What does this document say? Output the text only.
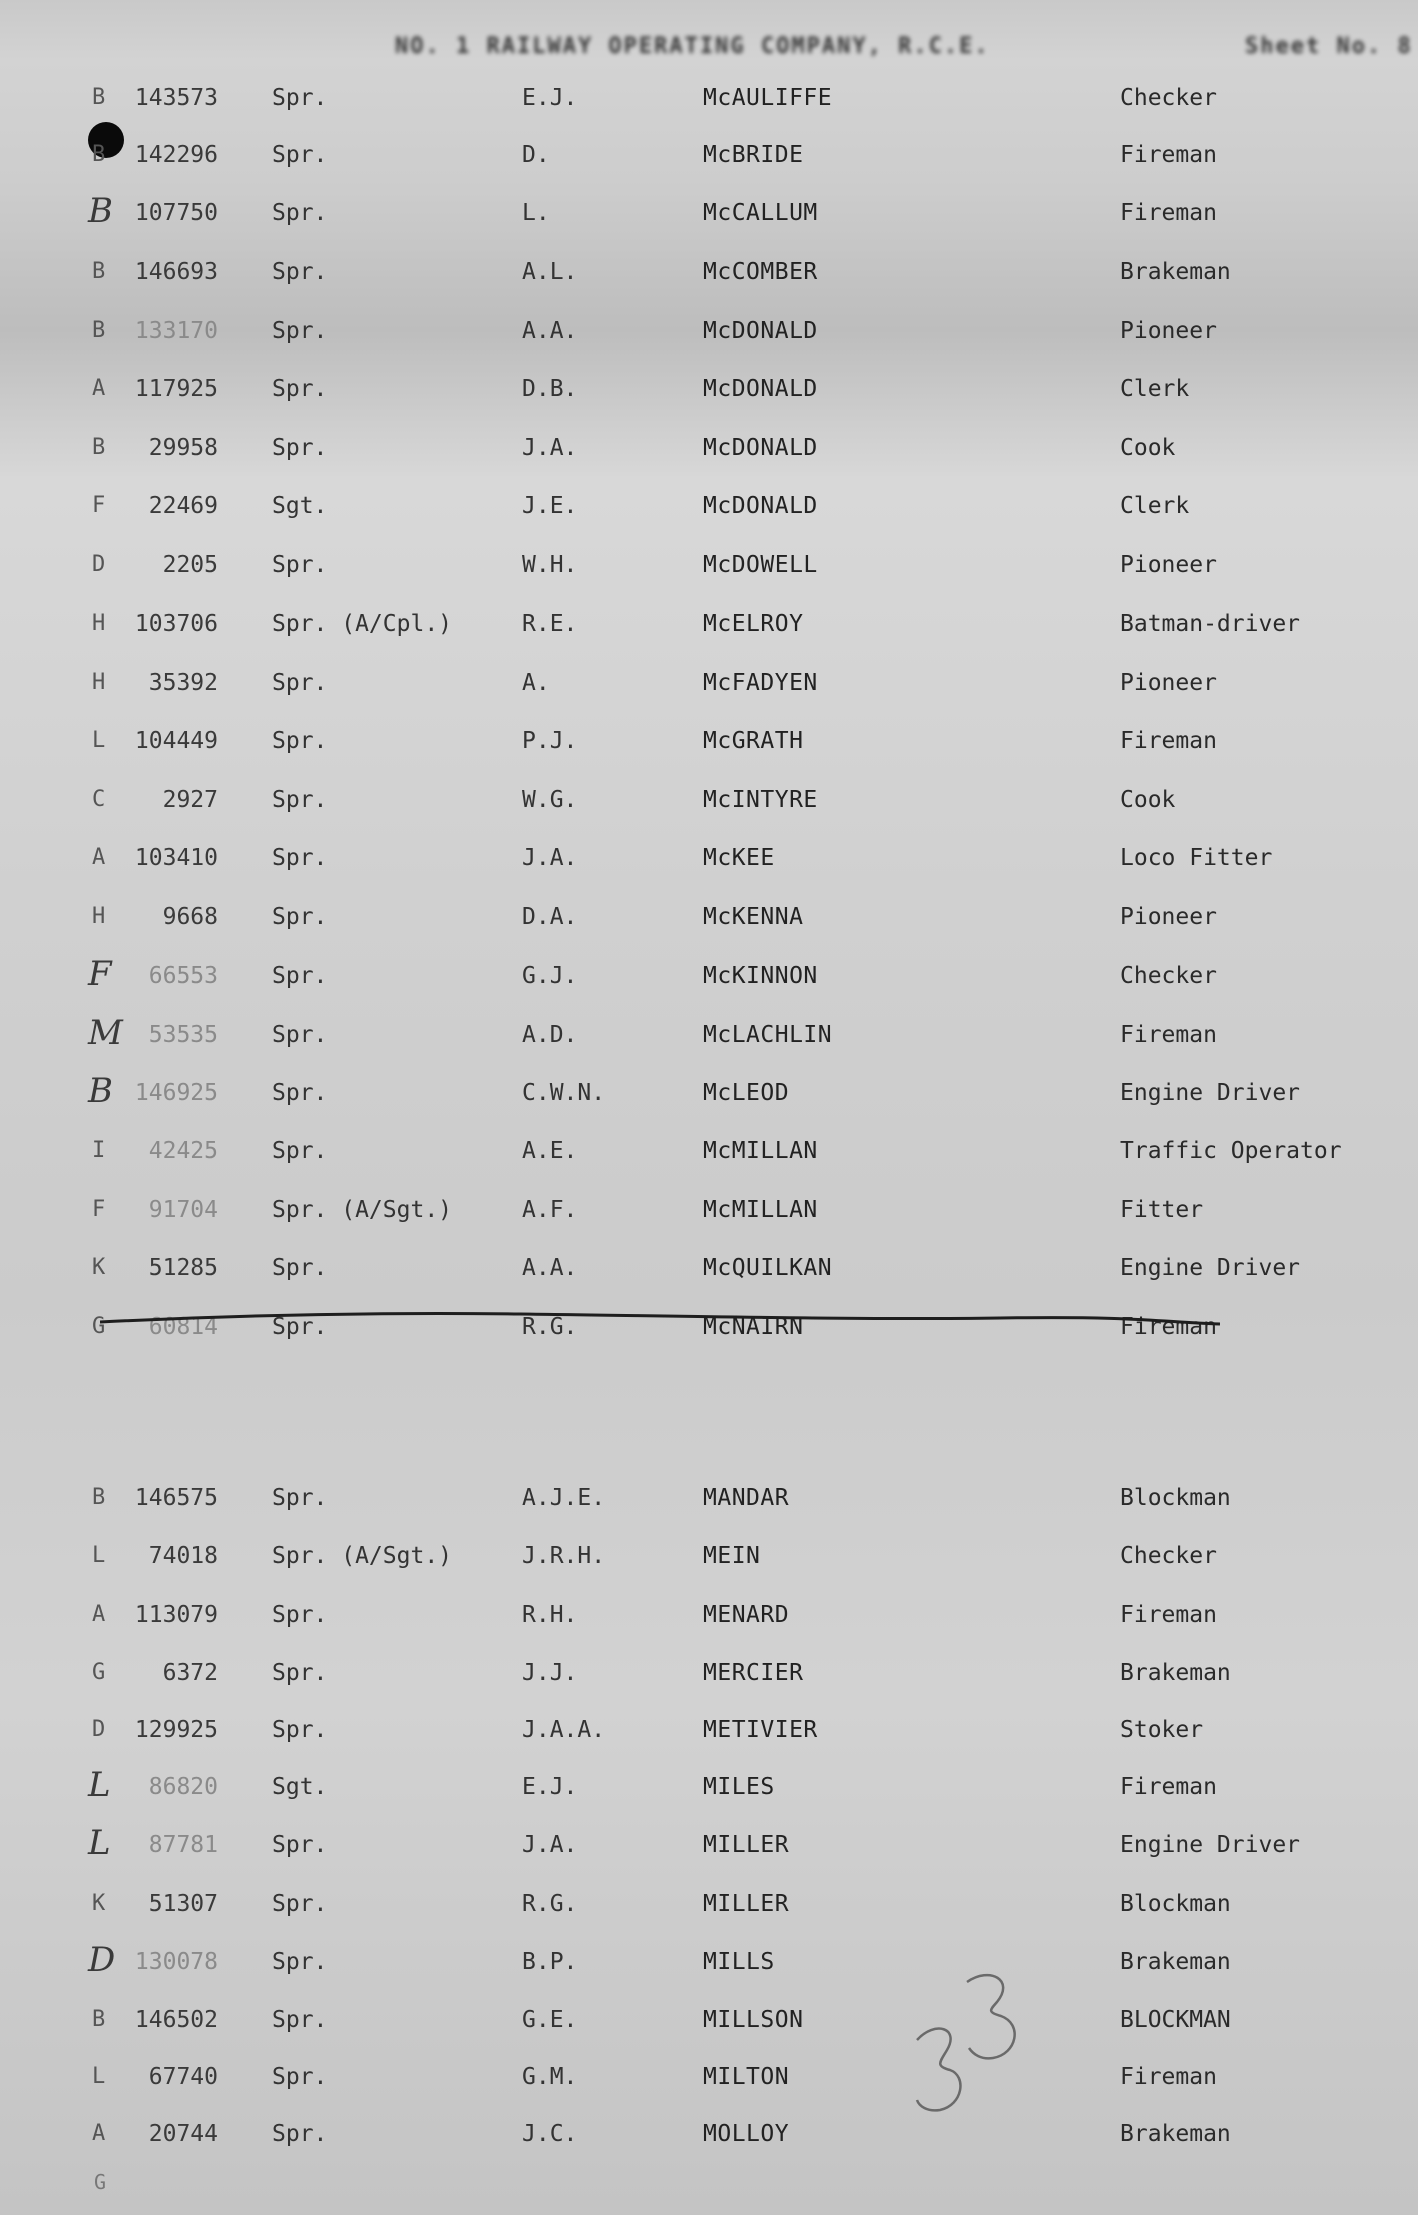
NO. 1 RAILWAY OPERATING COMPANY, R.C.E.	Sheet No. 8
B	143573 Spr.	E.J.	McAULIFFE	Checker
B	142296 Spr.	D.	McBRIDE	Fireman
B 107750 Spr.	L.	McCALLUM	Fireman
B	146693 Spr.	A.L.	McCOMBER	Brakeman
B	133170 Spr.	A.A.	McDONALD	Pioneer
A	117925 Spr.	D.B.	McDONALD	Clerk
B	29958 Spr.	J.A.	McDONALD	Cook
F	22469 Sgt.	J.E.	McDONALD	Clerk
D	2205 Spr.	W.H.	McDOWELL	Pioneer
H	103706 Spr. (A/Cpl.)	R.E.	McELROY	Batman-driver
H	35392 Spr.	A.	McFADYEN	Pioneer
L	104449 Spr.	P.J.	McGRATH	Fireman
C	2927 Spr.	W.G.	McINTYRE	Cook
A	103410 Spr.	J.A.	McKEE	Loco Fitter
H	9668 Spr.	D.A.	McKENNA	Pioneer
F	66553 Spr.	G.J.	McKINNON	Checker
M	53535 Spr.	A.D.	McLACHLIN	Fireman
B 146925 Spr.	C.W.N.	McLEOD	Engine Driver
I	42425 Spr.	A.E.	McMILLAN	Traffic Operator
F	91704 Spr. (A/Sgt.)	A.F.	McMILLAN	Fitter
K	51285 Spr.	A.A.	McQUILKAN	Engine Driver
G	60814 Spr.	R.G.	McNAIRN	Fireman
B	146575 Spr.	A.J.E.	MANDAR	Blockman
L	74018 Spr. (A/Sgt.)	J.R.H.	MEIN	Checker
A	113079 Spr.	R.H.	MENARD	Fireman
G	6372 Spr.	J.J.	MERCIER	Brakeman
D	129925 Spr.	J.A.A.	METIVIER	Stoker
L	86820 Sgt.	E.J.	MILES	Fireman
L	87781 Spr.	J.A.	MILLER	Engine Driver
K	51307 Spr.	R.G.	MILLER	Blockman
D 130078 Spr.	B.P.	MILLS	Brakeman
B	146502 Spr.	G.E.	MILLSON	BLOCKMAN
L	67740 Spr.	G.M.	MILTON	Fireman
A	20744 Spr.	J.C.	MOLLOY	Brakeman
G
